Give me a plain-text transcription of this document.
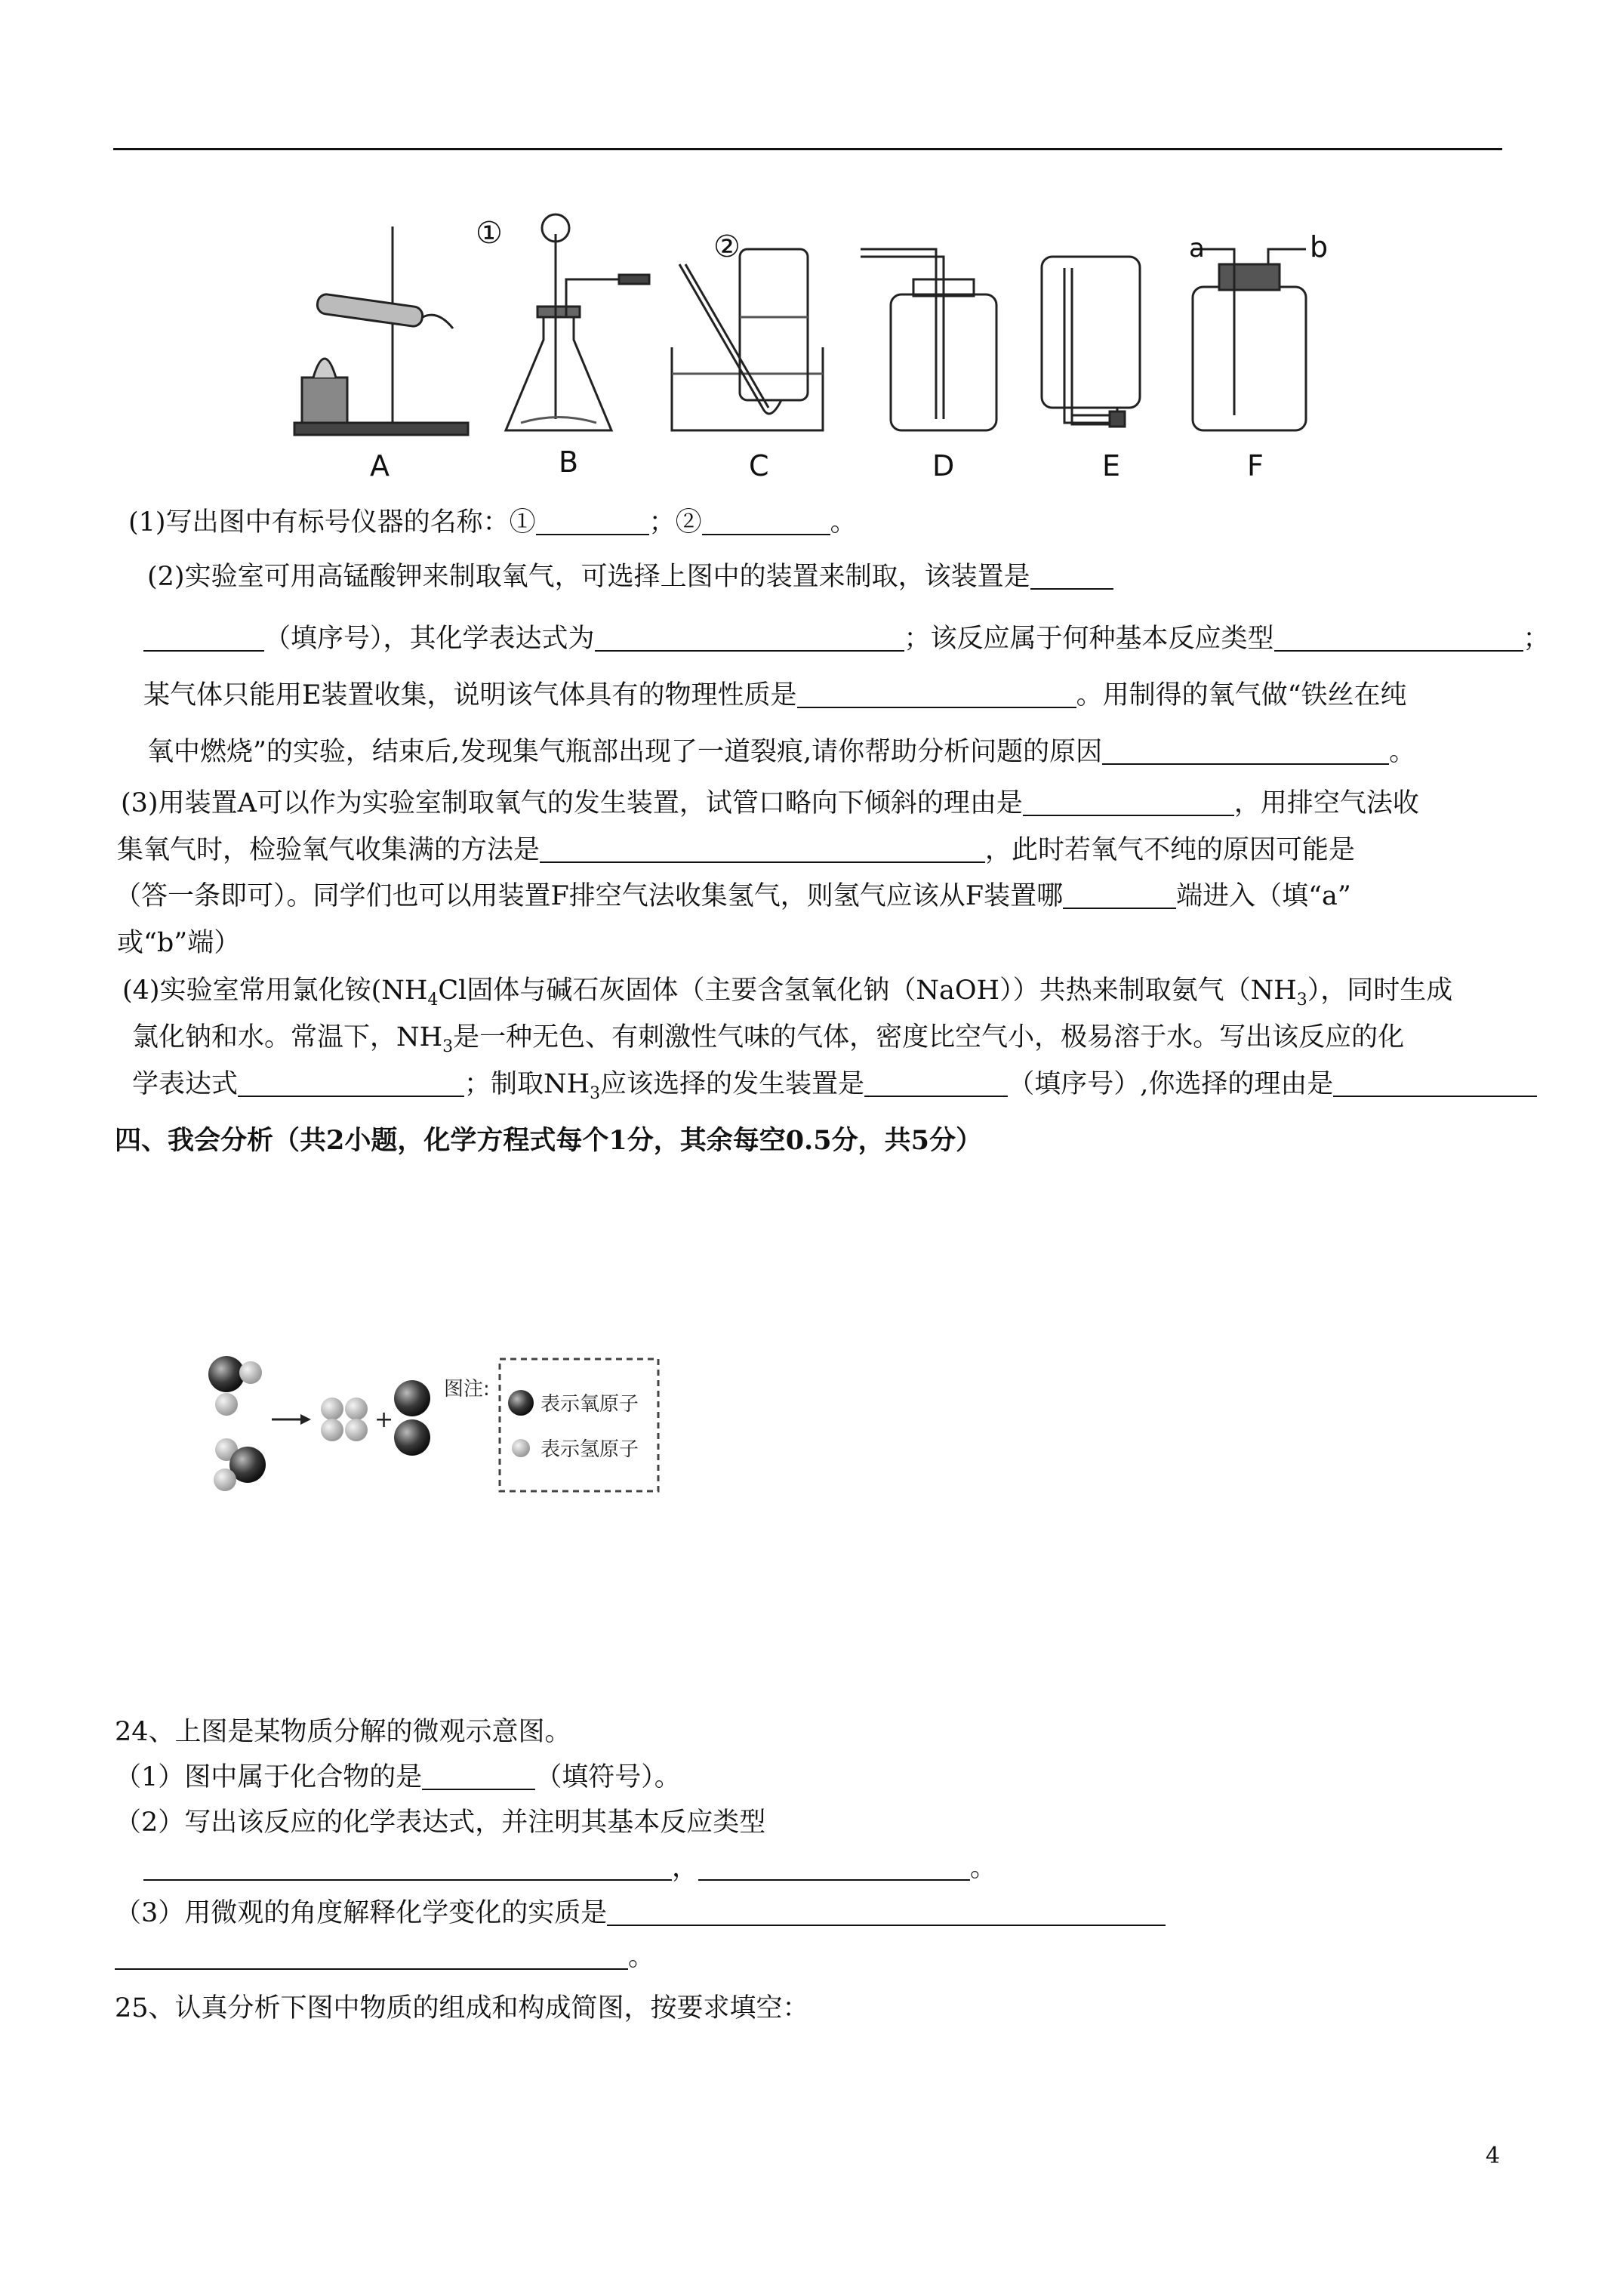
①	②	a	b
A	B	C	D	E	F
(1)写出图中有标号仪器的名称：①	；②	。
(2)实验室可用高锰酸钾来制取氧气，可选择上图中的装置来制取，该装置是
（填序号），其化学表达式为	；该反应属于何种基本反应类型	；
某气体只能用E装置收集，说明该气体具有的物理性质是	。用制得的氧气做“铁丝在纯
氧中燃烧”的实验，结束后,发现集气瓶部出现了一道裂痕,请你帮助分析问题的原因	。
(3)用装置A可以作为实验室制取氧气的发生装置，试管口略向下倾斜的理由是	，用排空气法收
集氧气时，检验氧气收集满的方法是	，此时若氧气不纯的原因可能是
（答一条即可）。同学们也可以用装置F排空气法收集氢气，则氢气应该从F装置哪	端进入（填“a”
或“b”端）
(4)实验室常用氯化铵($NH_4Cl$固体与碱石灰固体（主要含氢氧化钠（NaOH））共热来制取氨气$(NH_3)$，同时生成
氯化钠和水。常温下，$NH_3$是一种无色、有刺激性气味的气体，密度比空气小，极易溶于水。写出该反应的化
学表达式	；制取$NH_3$应该选择的发生装置是	（填序号）,你选择的理由是
四、我会分析（共2小题，化学方程式每个1分，其余每空0.5分，共5分）
+
图注:
表示氧原子
表示氢原子
24、上图是某物质分解的微观示意图。
（1）图中属于化合物的是	（填符号）。
（2）写出该反应的化学表达式，并注明其基本反应类型
，	。
（3）用微观的角度解释化学变化的实质是
。
25、认真分析下图中物质的组成和构成简图，按要求填空：
4
